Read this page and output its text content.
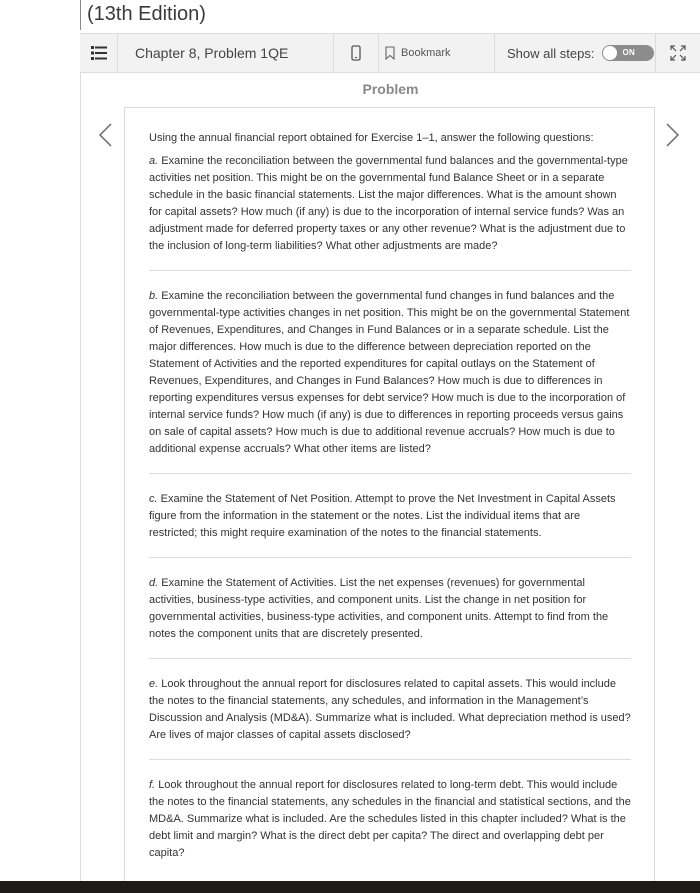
(13th Edition)
Chapter 8, Problem 1QE	Bookmark	Show all steps:	ON
Problem

Using the annual financial report obtained for Exercise 1–1, answer the following questions:

a. Examine the reconciliation between the governmental fund balances and the governmental-type activities net position. This might be on the governmental fund Balance Sheet or in a separate schedule in the basic financial statements. List the major differences. What is the amount shown for capital assets? How much (if any) is due to the incorporation of internal service funds? Was an adjustment made for deferred property taxes or any other revenue? What is the adjustment due to the inclusion of long-term liabilities? What other adjustments are made?

b. Examine the reconciliation between the governmental fund changes in fund balances and the governmental-type activities changes in net position. This might be on the governmental Statement of Revenues, Expenditures, and Changes in Fund Balances or in a separate schedule. List the major differences. How much is due to the difference between depreciation reported on the Statement of Activities and the reported expenditures for capital outlays on the Statement of Revenues, Expenditures, and Changes in Fund Balances? How much is due to differences in reporting expenditures versus expenses for debt service? How much is due to the incorporation of internal service funds? How much (if any) is due to differences in reporting proceeds versus gains on sale of capital assets? How much is due to additional revenue accruals? How much is due to additional expense accruals? What other items are listed?

c. Examine the Statement of Net Position. Attempt to prove the Net Investment in Capital Assets figure from the information in the statement or the notes. List the individual items that are restricted; this might require examination of the notes to the financial statements.

d. Examine the Statement of Activities. List the net expenses (revenues) for governmental activities, business-type activities, and component units. List the change in net position for governmental activities, business-type activities, and component units. Attempt to find from the notes the component units that are discretely presented.

e. Look throughout the annual report for disclosures related to capital assets. This would include the notes to the financial statements, any schedules, and information in the Management’s Discussion and Analysis (MD&A). Summarize what is included. What depreciation method is used? Are lives of major classes of capital assets disclosed?

f. Look throughout the annual report for disclosures related to long-term debt. This would include the notes to the financial statements, any schedules in the financial and statistical sections, and the MD&A. Summarize what is included. Are the schedules listed in this chapter included? What is the debt limit and margin? What is the direct debt per capita? The direct and overlapping debt per capita?
